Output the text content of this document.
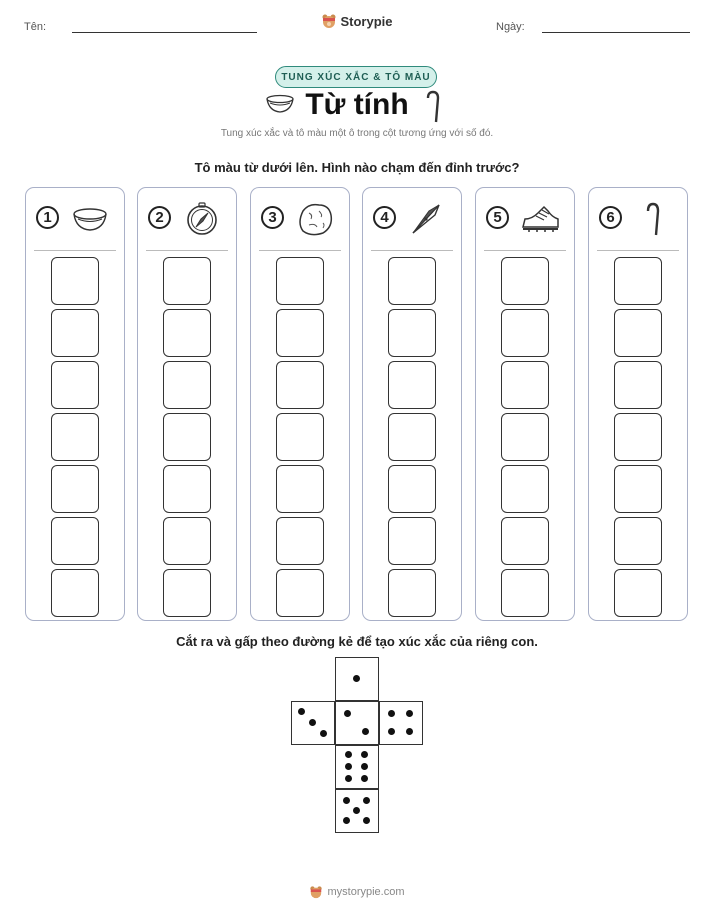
Tên:	Storypie	Ngày:
TUNG XÚC XẮC & TÔ MÀU
Từ tính
Tung xúc xắc và tô màu một ô trong cột tương ứng với số đó.
Tô màu từ dưới lên. Hình nào chạm đến đỉnh trước?
1	2	3	4	5	6
Cắt ra và gấp theo đường kẻ để tạo xúc xắc của riêng con.
mystorypie.com
